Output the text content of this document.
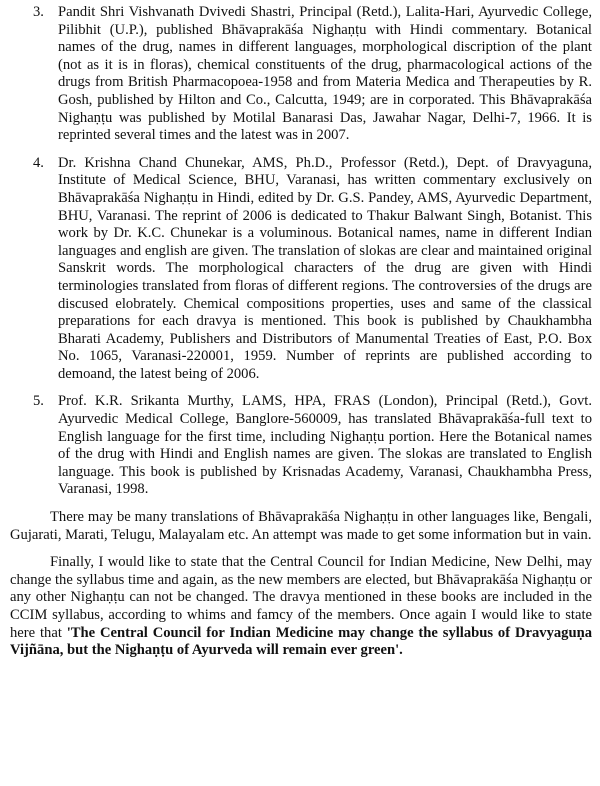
3. Pandit Shri Vishvanath Dvivedi Shastri, Principal (Retd.), Lalita-Hari, Ayurvedic College, Pilibhit (U.P.), published Bhāvaprakāśa Nighaṇṭu with Hindi commentary. Botanical names of the drug, names in different languages, morphological discription of the plant (not as it is in floras), chemical constituents of the drug, pharmacological actions of the drugs from British Pharmacopoea-1958 and from Materia Medica and Therapeuties by R. Gosh, published by Hilton and Co., Calcutta, 1949; are in corporated. This Bhāvaprakāśa Nighaṇṭu was published by Motilal Banarasi Das, Jawahar Nagar, Delhi-7, 1966. It is reprinted several times and the latest was in 2007.
4. Dr. Krishna Chand Chunekar, AMS, Ph.D., Professor (Retd.), Dept. of Dravyaguna, Institute of Medical Science, BHU, Varanasi, has written commentary exclusively on Bhāvaprakāśa Nighaṇṭu in Hindi, edited by Dr. G.S. Pandey, AMS, Ayurvedic Department, BHU, Varanasi. The reprint of 2006 is dedicated to Thakur Balwant Singh, Botanist. This work by Dr. K.C. Chunekar is a voluminous. Botanical names, name in different Indian languages and english are given. The translation of slokas are clear and maintained original Sanskrit words. The morphological characters of the drug are given with Hindi terminologies translated from floras of different regions. The controversies of the drugs are discused elobrately. Chemical compositions properties, uses and same of the classical preparations for each dravya is mentioned. This book is published by Chaukhambha Bharati Academy, Publishers and Distributors of Manumental Treaties of East, P.O. Box No. 1065, Varanasi-220001, 1959. Number of reprints are published according to demoand, the latest being of 2006.
5. Prof. K.R. Srikanta Murthy, LAMS, HPA, FRAS (London), Principal (Retd.), Govt. Ayurvedic Medical College, Banglore-560009, has translated Bhāvaprakāśa-full text to English language for the first time, including Nighaṇṭu portion. Here the Botanical names of the drug with Hindi and English names are given. The slokas are translated to English language. This book is published by Krisnadas Academy, Varanasi, Chaukhambha Press, Varanasi, 1998.

There may be many translations of Bhāvaprakāśa Nighaṇṭu in other languages like, Bengali, Gujarati, Marati, Telugu, Malayalam etc. An attempt was made to get some information but in vain.

Finally, I would like to state that the Central Council for Indian Medicine, New Delhi, may change the syllabus time and again, as the new members are elected, but Bhāvaprakāśa Nighaṇṭu or any other Nighaṇṭu can not be changed. The dravya mentioned in these books are included in the CCIM syllabus, according to whims and famcy of the members. Once again I would like to state here that 'The Central Council for Indian Medicine may change the syllabus of Dravyaguṇa Vijñāna, but the Nighaṇṭu of Ayurveda will remain ever green'.
